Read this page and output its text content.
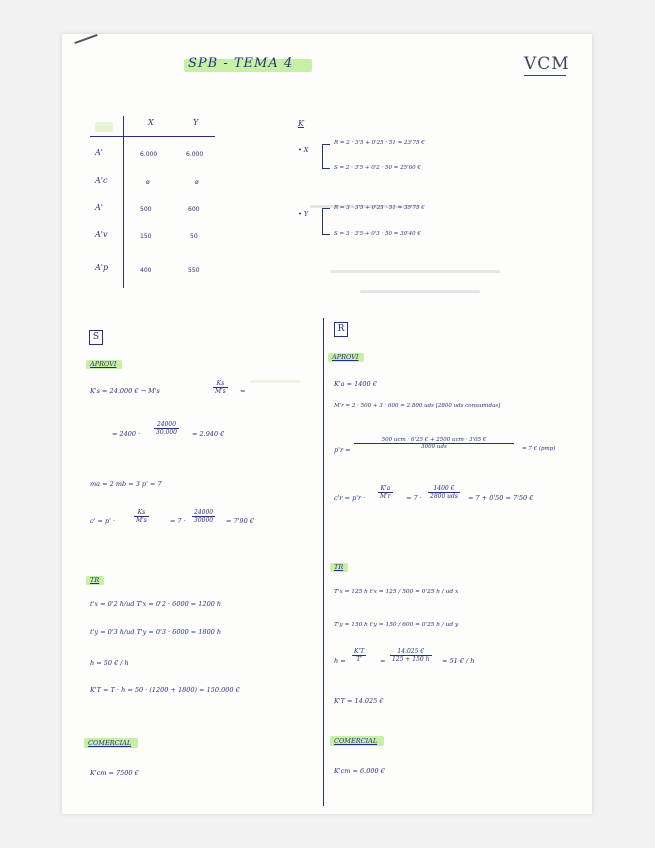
SPB - TEMA 4	VCM
X	Y
A'	6.000	6.000
A'c	ø	ø
A'	500	600
A'v	150	50
A'p	400	550
K
• X
R = 2 · 3'5 + 0'25 · 51 = 23'75 €
S = 2 · 3'5 + 0'2 · 50 = 25'60 €
• Y
R = 3 · 3'5 + 0'25 · 51 = 35'75 €
S = 3 · 3'5 + 0'3 · 50 = 30'40 €
S
APROVI
K's = 24.000 € → M's	$\frac{Ks}{M's}$ =
= $2400 \cdot \frac{24000}{30.000} = 2.940$ €
ma = 2 mb = 3 p' = 7
c' = p' ·	$\frac{Ks}{M's}$	= $7 \cdot \frac{24000}{30000} = 7'90$ €
TR
t'x = 0'2 h/ud T'x = 0'2 · 6000 = 1200 h
t'y = 0'3 h/ud T'y = 0'3 · 6000 = 1800 h
h = 50 € / h
K'T = T · h = 50 · (1200 + 1800) = 150.000 €
COMERCIAL
K'cm = 7500 €
R
APROVI
K'a = 1400 €
M'r = 2 · 500 + 3 · 600 = 2.800 uds [2800 uds consumidas]
p'r =
500 ucm · 6'25 € + 2500 ucm · 3'05 €
3000 uds	= 7 € (pmp)
$c'r = p'r \cdot \frac{K'a}{M'r} = 7$ ·
1400 €
2800 uds	= 7 + 0'50 = 7'50 €
TR
T'x = 125 h t'x = 125 / 500 = 0'25 h / ud x
T'y = 150 h t'y = 150 / 600 = 0'25 h / ud y
$h = \frac{K'T}{T'} = \frac{14.025 €}{125 + 150 h} = 51$ € / h
K'T = 14.025 €
COMERCIAL
K'cm = 6.000 €
